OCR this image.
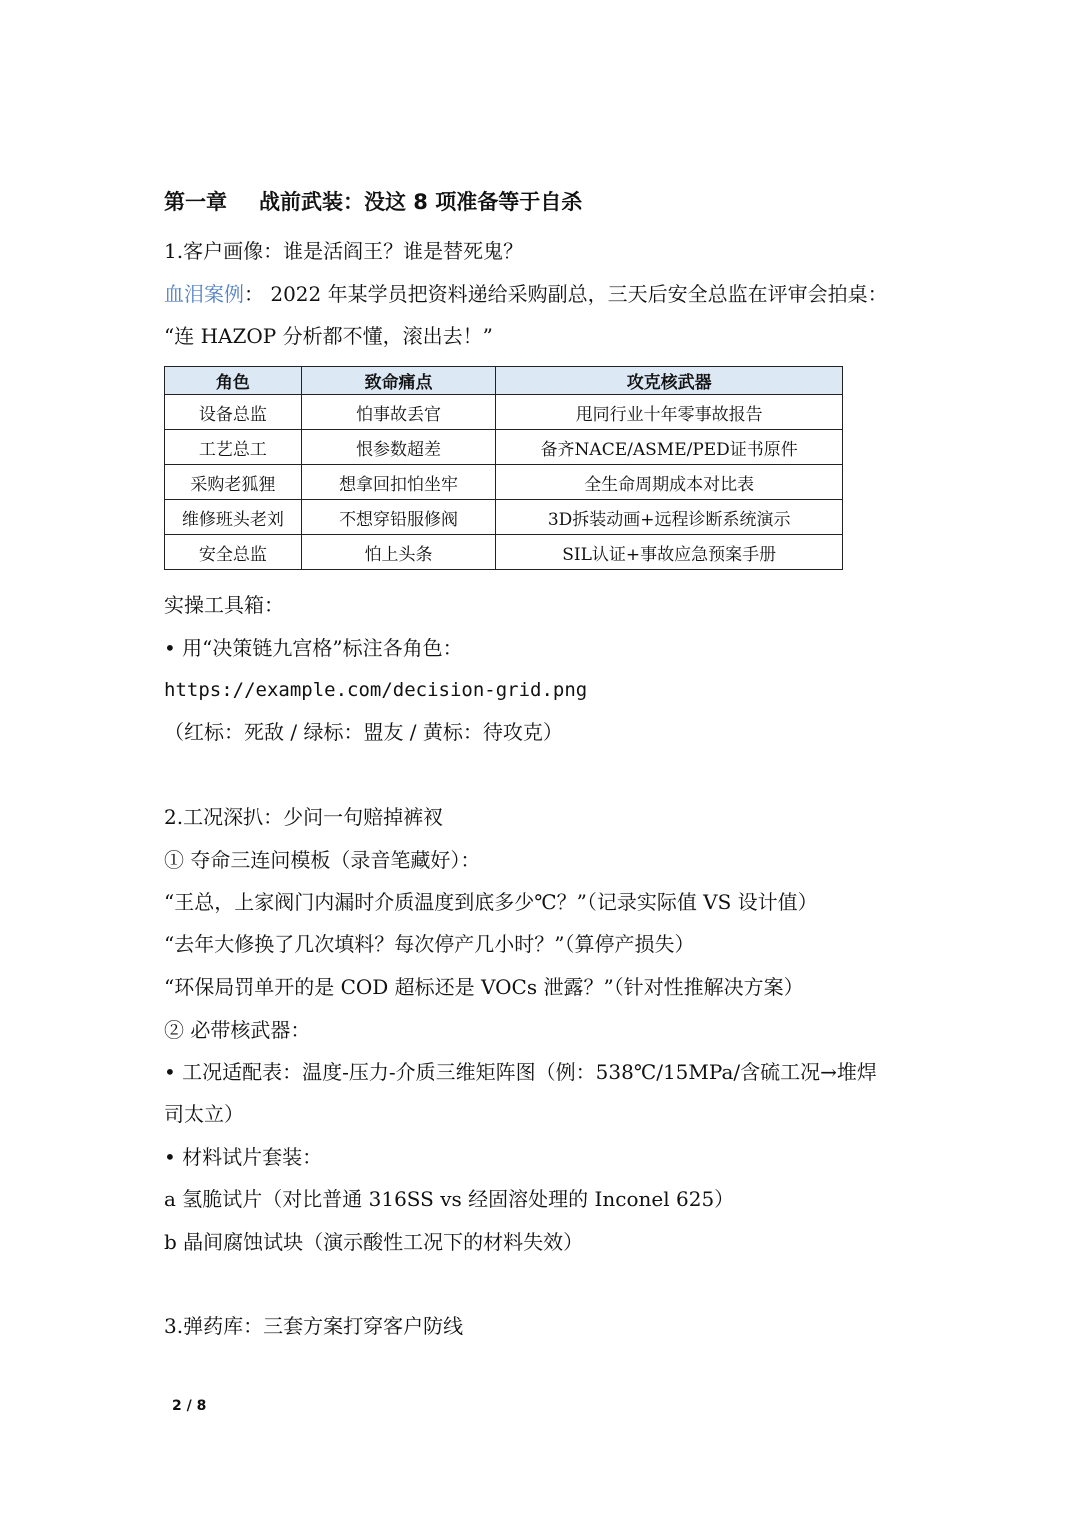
第一章 战前武装：没这 8 项准备等于自杀
1.客户画像：谁是活阎王？谁是替死鬼？
血泪案例： 2022 年某学员把资料递给采购副总，三天后安全总监在评审会拍桌：
“连 HAZOP 分析都不懂，滚出去！”
角色	致命痛点	攻克核武器
设备总监	怕事故丢官	甩同行业十年零事故报告
工艺总工	恨参数超差	备齐NACE/ASME/PED证书原件
采购老狐狸	想拿回扣怕坐牢	全生命周期成本对比表
维修班头老刘	不想穿铅服修阀	3D拆装动画+远程诊断系统演示
安全总监	怕上头条	SIL认证+事故应急预案手册
实操工具箱：
• 用“决策链九宫格”标注各角色：
https://example.com/decision-grid.png
（红标：死敌 / 绿标：盟友 / 黄标：待攻克）
2.工况深扒：少问一句赔掉裤衩
① 夺命三连问模板（录音笔藏好）：
“王总，上家阀门内漏时介质温度到底多少℃？”（记录实际值 VS 设计值）
“去年大修换了几次填料？每次停产几小时？”（算停产损失）
“环保局罚单开的是 COD 超标还是 VOCs 泄露？”（针对性推解决方案）
② 必带核武器：
• 工况适配表：温度-压力-介质三维矩阵图（例：538℃/15MPa/含硫工况→堆焊
司太立）
• 材料试片套装：
a 氢脆试片（对比普通 316SS vs 经固溶处理的 Inconel 625）
b 晶间腐蚀试块（演示酸性工况下的材料失效）
3.弹药库：三套方案打穿客户防线
2 / 8
